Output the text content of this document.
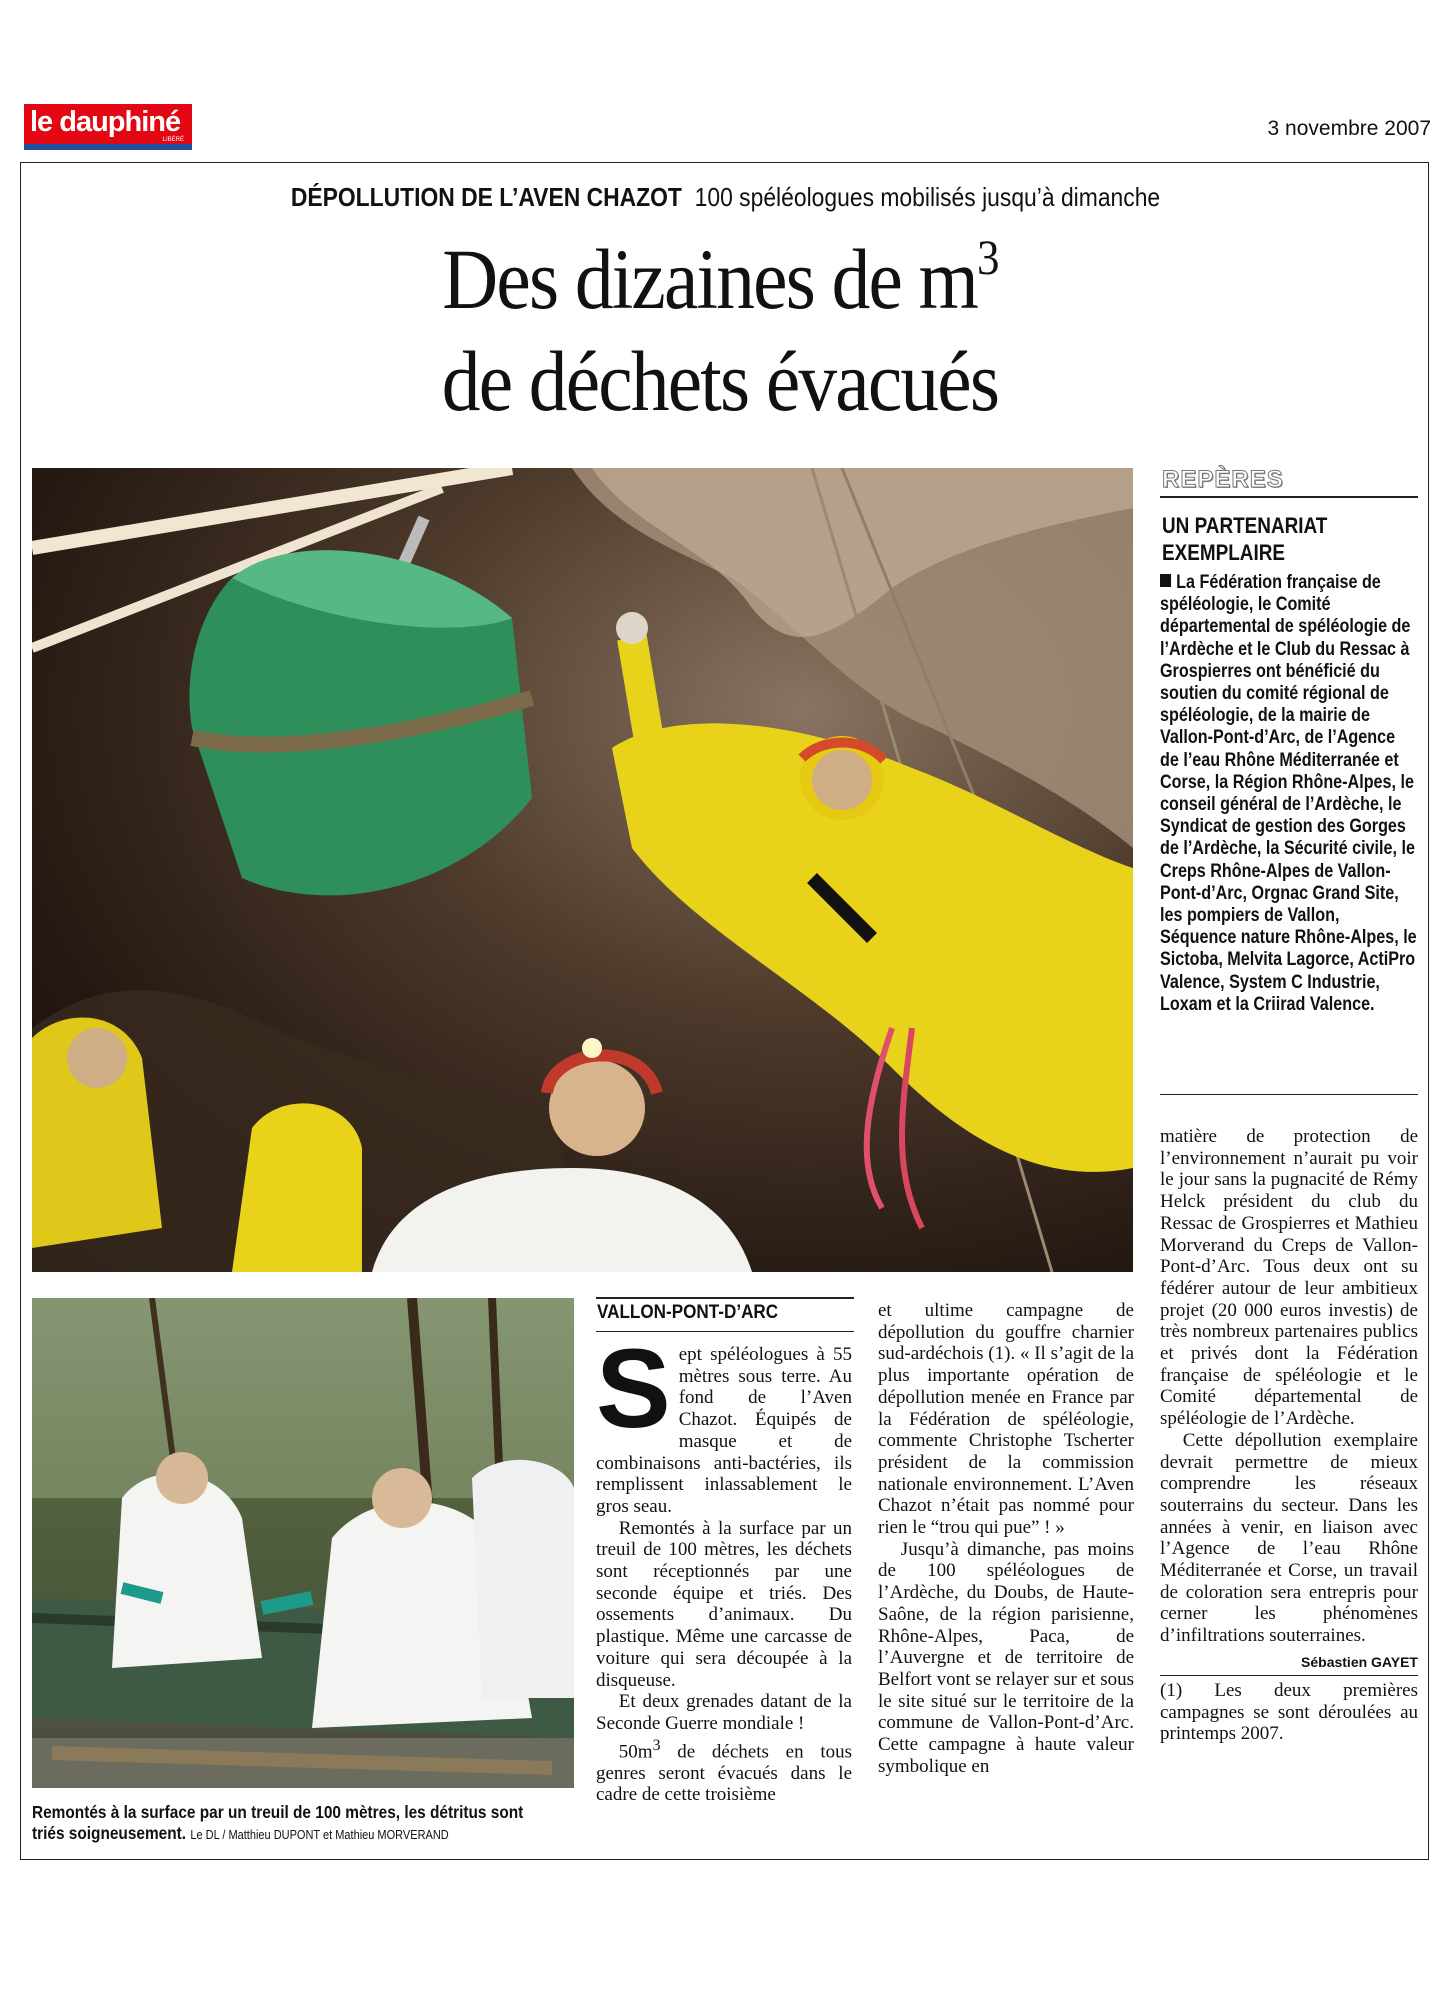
le dauphiné
LIBÉRÉ	3 novembre 2007
DÉPOLLUTION DE L’AVEN CHAZOT 100 spéléologues mobilisés jusqu’à dimanche
Des dizaines de $m^3$
de déchets évacués
REPÈRES
UN PARTENARIAT EXEMPLAIRE
La Fédération française de spéléologie, le Comité départemental de spéléologie de l’Ardèche et le Club du Ressac à Grospierres ont bénéficié du soutien du comité régional de spéléologie, de la mairie de Vallon-Pont-d’Arc, de l’Agence de l’eau Rhône Méditerranée et Corse, la Région Rhône-Alpes, le conseil général de l’Ardèche, le Syndicat de gestion des Gorges de l’Ardèche, la Sécurité civile, le Creps Rhône-Alpes de Vallon-Pont-d’Arc, Orgnac Grand Site, les pompiers de Vallon, Séquence nature Rhône-Alpes, le Sictoba, Melvita Lagorce, ActiPro Valence, System C Industrie, Loxam et la Criirad Valence.
Remontés à la surface par un treuil de 100 mètres, les détritus sont triés soigneusement. Le DL / Matthieu DUPONT et Mathieu MORVERAND
VALLON-PONT-D’ARC

Sept spéléologues à 55 mètres sous terre. Au fond de l’Aven Chazot. Équipés de masque et de combinaisons anti-bactéries, ils remplissent inlassablement le gros seau.

Remontés à la surface par un treuil de 100 mètres, les déchets sont réceptionnés par une seconde équipe et triés. Des ossements d’animaux. Du plastique. Même une carcasse de voiture qui sera découpée à la disqueuse.

Et deux grenades datant de la Seconde Guerre mondiale !

$50m^3$ de déchets en tous genres seront évacués dans le cadre de cette troisième

et ultime campagne de dépollution du gouffre charnier sud-ardéchois (1). « Il s’agit de la plus importante opération de dépollution menée en France par la Fédération de spéléologie, commente Christophe Tscherter président de la commission nationale environnement. L’Aven Chazot n’était pas nommé pour rien le “trou qui pue” ! »

Jusqu’à dimanche, pas moins de 100 spéléologues de l’Ardèche, du Doubs, de Haute-Saône, de la région parisienne, Rhône-Alpes, Paca, de l’Auvergne et de territoire de Belfort vont se relayer sur et sous le site situé sur le territoire de la commune de Vallon-Pont-d’Arc. Cette campagne à haute valeur symbolique en

matière de protection de l’environnement n’aurait pu voir le jour sans la pugnacité de Rémy Helck président du club du Ressac de Grospierres et Mathieu Morverand du Creps de Vallon-Pont-d’Arc. Tous deux ont su fédérer autour de leur ambitieux projet (20 000 euros investis) de très nombreux partenaires publics et privés dont la Fédération française de spéléologie et le Comité départemental de spéléologie de l’Ardèche.

Cette dépollution exemplaire devrait permettre de mieux comprendre les réseaux souterrains du secteur. Dans les années à venir, en liaison avec l’Agence de l’eau Rhône Méditerranée et Corse, un travail de coloration sera entrepris pour cerner les phénomènes d’infiltrations souterraines.

Sébastien GAYET

(1) Les deux premières campagnes se sont déroulées au printemps 2007.
